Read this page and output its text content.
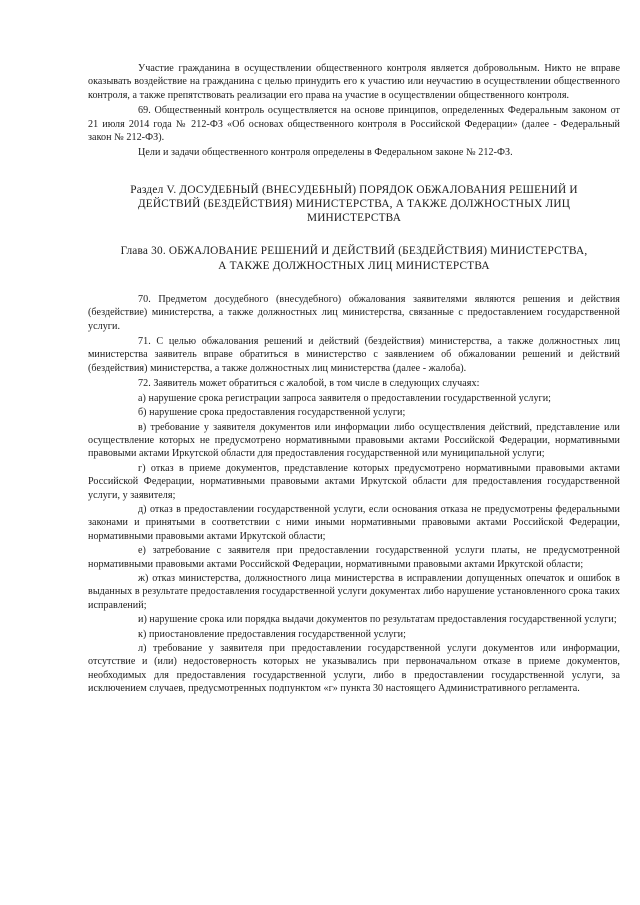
Участие гражданина в осуществлении общественного контроля является добровольным. Никто не вправе оказывать воздействие на гражданина с целью принудить его к участию или неучастию в осуществлении общественного контроля, а также препятствовать реализации его права на участие в осуществлении общественного контроля.

69. Общественный контроль осуществляется на основе принципов, определенных Федеральным законом от 21 июля 2014 года № 212-ФЗ «Об основах общественного контроля в Российской Федерации» (далее - Федеральный закон № 212-ФЗ).

Цели и задачи общественного контроля определены в Федеральном законе № 212-ФЗ.

Раздел V. ДОСУДЕБНЫЙ (ВНЕСУДЕБНЫЙ) ПОРЯДОК ОБЖАЛОВАНИЯ РЕШЕНИЙ И ДЕЙСТВИЙ (БЕЗДЕЙСТВИЯ) МИНИСТЕРСТВА, А ТАКЖЕ ДОЛЖНОСТНЫХ ЛИЦ МИНИСТЕРСТВА
Глава 30. ОБЖАЛОВАНИЕ РЕШЕНИЙ И ДЕЙСТВИЙ (БЕЗДЕЙСТВИЯ) МИНИСТЕРСТВА, А ТАКЖЕ ДОЛЖНОСТНЫХ ЛИЦ МИНИСТЕРСТВА

70. Предметом досудебного (внесудебного) обжалования заявителями являются решения и действия (бездействие) министерства, а также должностных лиц министерства, связанные с предоставлением государственной услуги.

71. С целью обжалования решений и действий (бездействия) министерства, а также должностных лиц министерства заявитель вправе обратиться в министерство с заявлением об обжаловании решений и действий (бездействия) министерства, а также должностных лиц министерства (далее - жалоба).

72. Заявитель может обратиться с жалобой, в том числе в следующих случаях:

а) нарушение срока регистрации запроса заявителя о предоставлении государственной услуги;

б) нарушение срока предоставления государственной услуги;

в) требование у заявителя документов или информации либо осуществления действий, представление или осуществление которых не предусмотрено нормативными правовыми актами Российской Федерации, нормативными правовыми актами Иркутской области для предоставления государственной или муниципальной услуги;

г) отказ в приеме документов, представление которых предусмотрено нормативными правовыми актами Российской Федерации, нормативными правовыми актами Иркутской области для предоставления государственной услуги, у заявителя;

д) отказ в предоставлении государственной услуги, если основания отказа не предусмотрены федеральными законами и принятыми в соответствии с ними иными нормативными правовыми актами Российской Федерации, нормативными правовыми актами Иркутской области;

е) затребование с заявителя при предоставлении государственной услуги платы, не предусмотренной нормативными правовыми актами Российской Федерации, нормативными правовыми актами Иркутской области;

ж) отказ министерства, должностного лица министерства в исправлении допущенных опечаток и ошибок в выданных в результате предоставления государственной услуги документах либо нарушение установленного срока таких исправлений;

и) нарушение срока или порядка выдачи документов по результатам предоставления государственной услуги;

к) приостановление предоставления государственной услуги;

л) требование у заявителя при предоставлении государственной услуги документов или информации, отсутствие и (или) недостоверность которых не указывались при первоначальном отказе в приеме документов, необходимых для предоставления государственной услуги, либо в предоставлении государственной услуги, за исключением случаев, предусмотренных подпунктом «г» пункта 30 настоящего Административного регламента.
